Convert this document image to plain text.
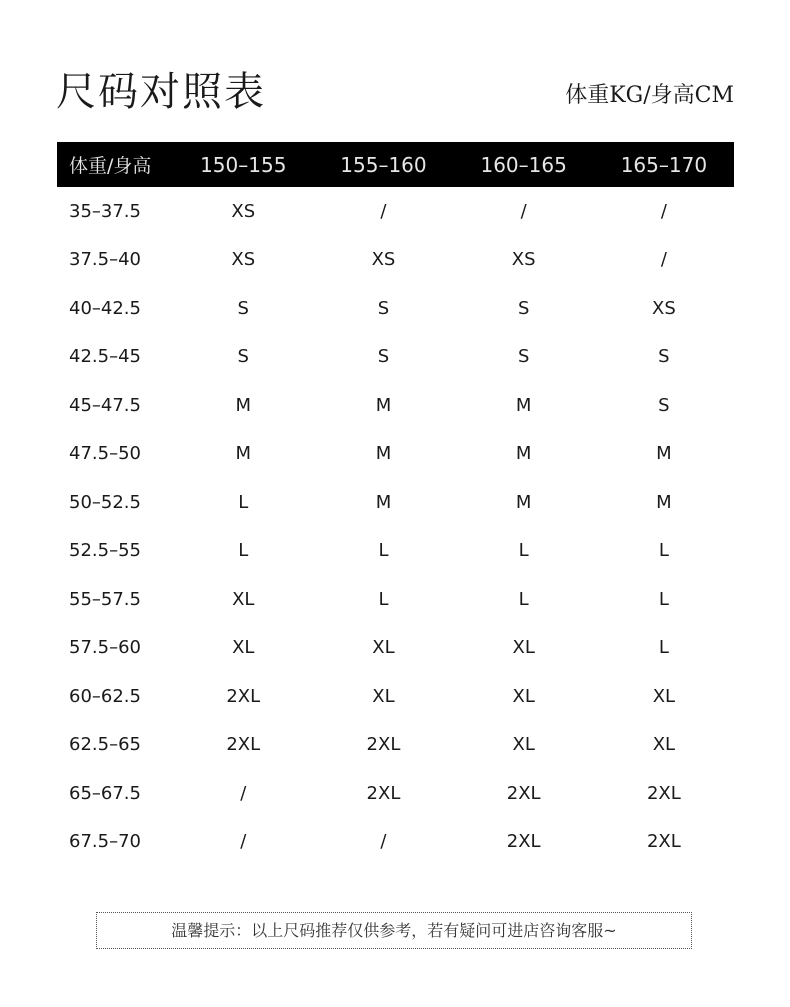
尺码对照表	体重KG/身高CM
体重/身高	150–155	155–160	160–165	165–170
35–37.5	XS	/	/	/
37.5–40	XS	XS	XS	/
40–42.5	S	S	S	XS
42.5–45	S	S	S	S
45–47.5	M	M	M	S
47.5–50	M	M	M	M
50–52.5	L	M	M	M
52.5–55	L	L	L	L
55–57.5	XL	L	L	L
57.5–60	XL	XL	XL	L
60–62.5	2XL	XL	XL	XL
62.5–65	2XL	2XL	XL	XL
65–67.5	/	2XL	2XL	2XL
67.5–70	/	/	2XL	2XL
温馨提示：以上尺码推荐仅供参考，若有疑问可进店咨询客服~
